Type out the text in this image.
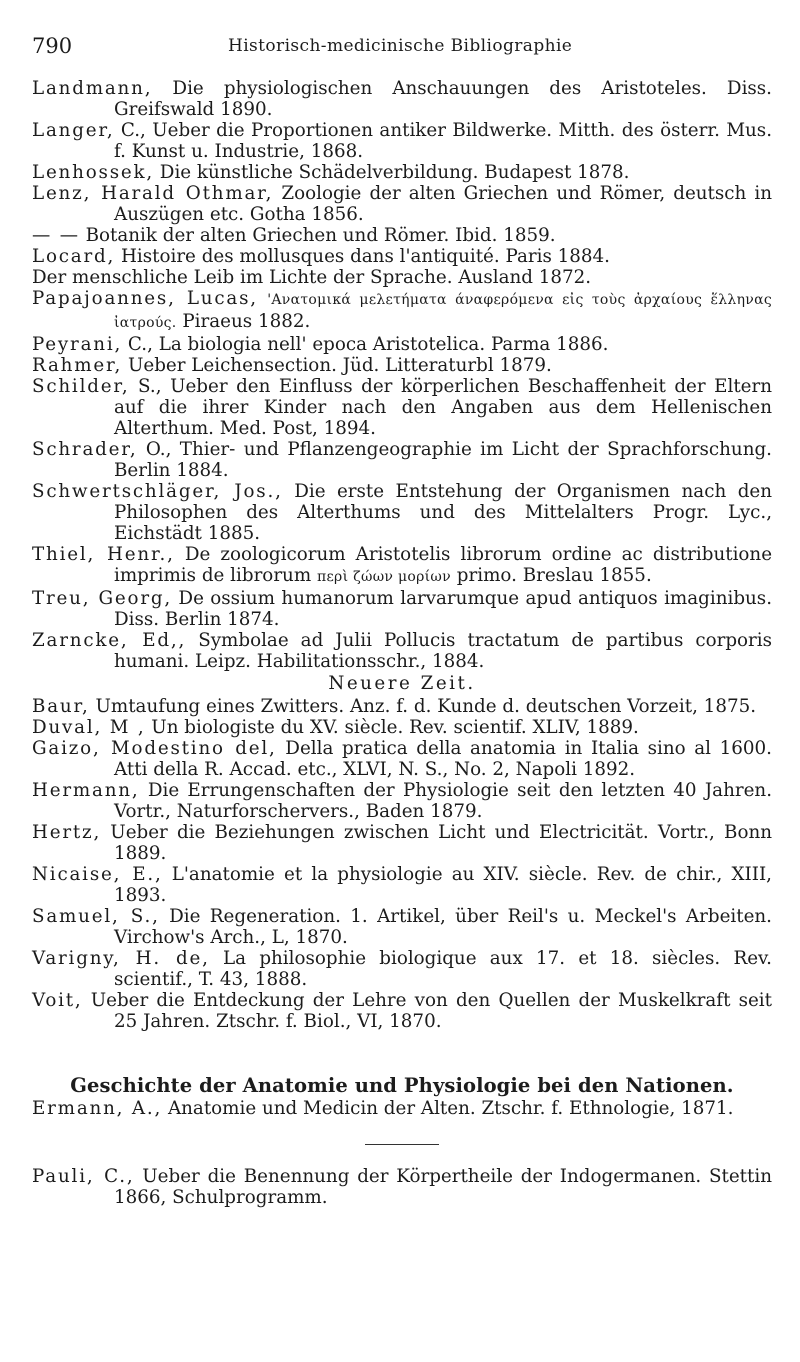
790	Historisch-medicinische Bibliographie
Landmann, Die physiologischen Anschauungen des Aristoteles. Diss. Greifswald 1890.
Langer, C., Ueber die Proportionen antiker Bildwerke. Mitth. des österr. Mus. f. Kunst u. Industrie, 1868.
Lenhossek, Die künstliche Schädelverbildung. Budapest 1878.
Lenz, Harald Othmar, Zoologie der alten Griechen und Römer, deutsch in Auszügen etc. Gotha 1856.
— — Botanik der alten Griechen und Römer. Ibid. 1859.
Locard, Histoire des mollusques dans l'antiquité. Paris 1884.
Der menschliche Leib im Lichte der Sprache. Ausland 1872.
Papajoannes, Lucas, 'Ανατομικά μελετήματα άναφερόμενα εἰς τοὺς ἀρχαίους ἕλληνας ἰατρούς. Piraeus 1882.
Peyrani, C., La biologia nell' epoca Aristotelica. Parma 1886.
Rahmer, Ueber Leichensection. Jüd. Litteraturbl 1879.
Schilder, S., Ueber den Einfluss der körperlichen Beschaffenheit der Eltern auf die ihrer Kinder nach den Angaben aus dem Hellenischen Alterthum. Med. Post, 1894.
Schrader, O., Thier- und Pflanzengeographie im Licht der Sprachforschung. Berlin 1884.
Schwertschläger, Jos., Die erste Entstehung der Organismen nach den Philosophen des Alterthums und des Mittelalters Progr. Lyc., Eichstädt 1885.
Thiel, Henr., De zoologicorum Aristotelis librorum ordine ac distributione imprimis de librorum περὶ ζώων μορίων primo. Breslau 1855.
Treu, Georg, De ossium humanorum larvarumque apud antiquos imaginibus. Diss. Berlin 1874.
Zarncke, Ed,, Symbolae ad Julii Pollucis tractatum de partibus corporis humani. Leipz. Habilitationsschr., 1884.
Neuere Zeit.
Baur, Umtaufung eines Zwitters. Anz. f. d. Kunde d. deutschen Vorzeit, 1875.
Duval, M , Un biologiste du XV. siècle. Rev. scientif. XLIV, 1889.
Gaizo, Modestino del, Della pratica della anatomia in Italia sino al 1600. Atti della R. Accad. etc., XLVI, N. S., No. 2, Napoli 1892.
Hermann, Die Errungenschaften der Physiologie seit den letzten 40 Jahren. Vortr., Naturforschervers., Baden 1879.
Hertz, Ueber die Beziehungen zwischen Licht und Electricität. Vortr., Bonn 1889.
Nicaise, E., L'anatomie et la physiologie au XIV. siècle. Rev. de chir., XIII, 1893.
Samuel, S., Die Regeneration. 1. Artikel, über Reil's u. Meckel's Arbeiten. Virchow's Arch., L, 1870.
Varigny, H. de, La philosophie biologique aux 17. et 18. siècles. Rev. scientif., T. 43, 1888.
Voit, Ueber die Entdeckung der Lehre von den Quellen der Muskelkraft seit 25 Jahren. Ztschr. f. Biol., VI, 1870.
Geschichte der Anatomie und Physiologie bei den Nationen.
Ermann, A., Anatomie und Medicin der Alten. Ztschr. f. Ethnologie, 1871.
Pauli, C., Ueber die Benennung der Körpertheile der Indogermanen. Stettin 1866, Schulprogramm.
